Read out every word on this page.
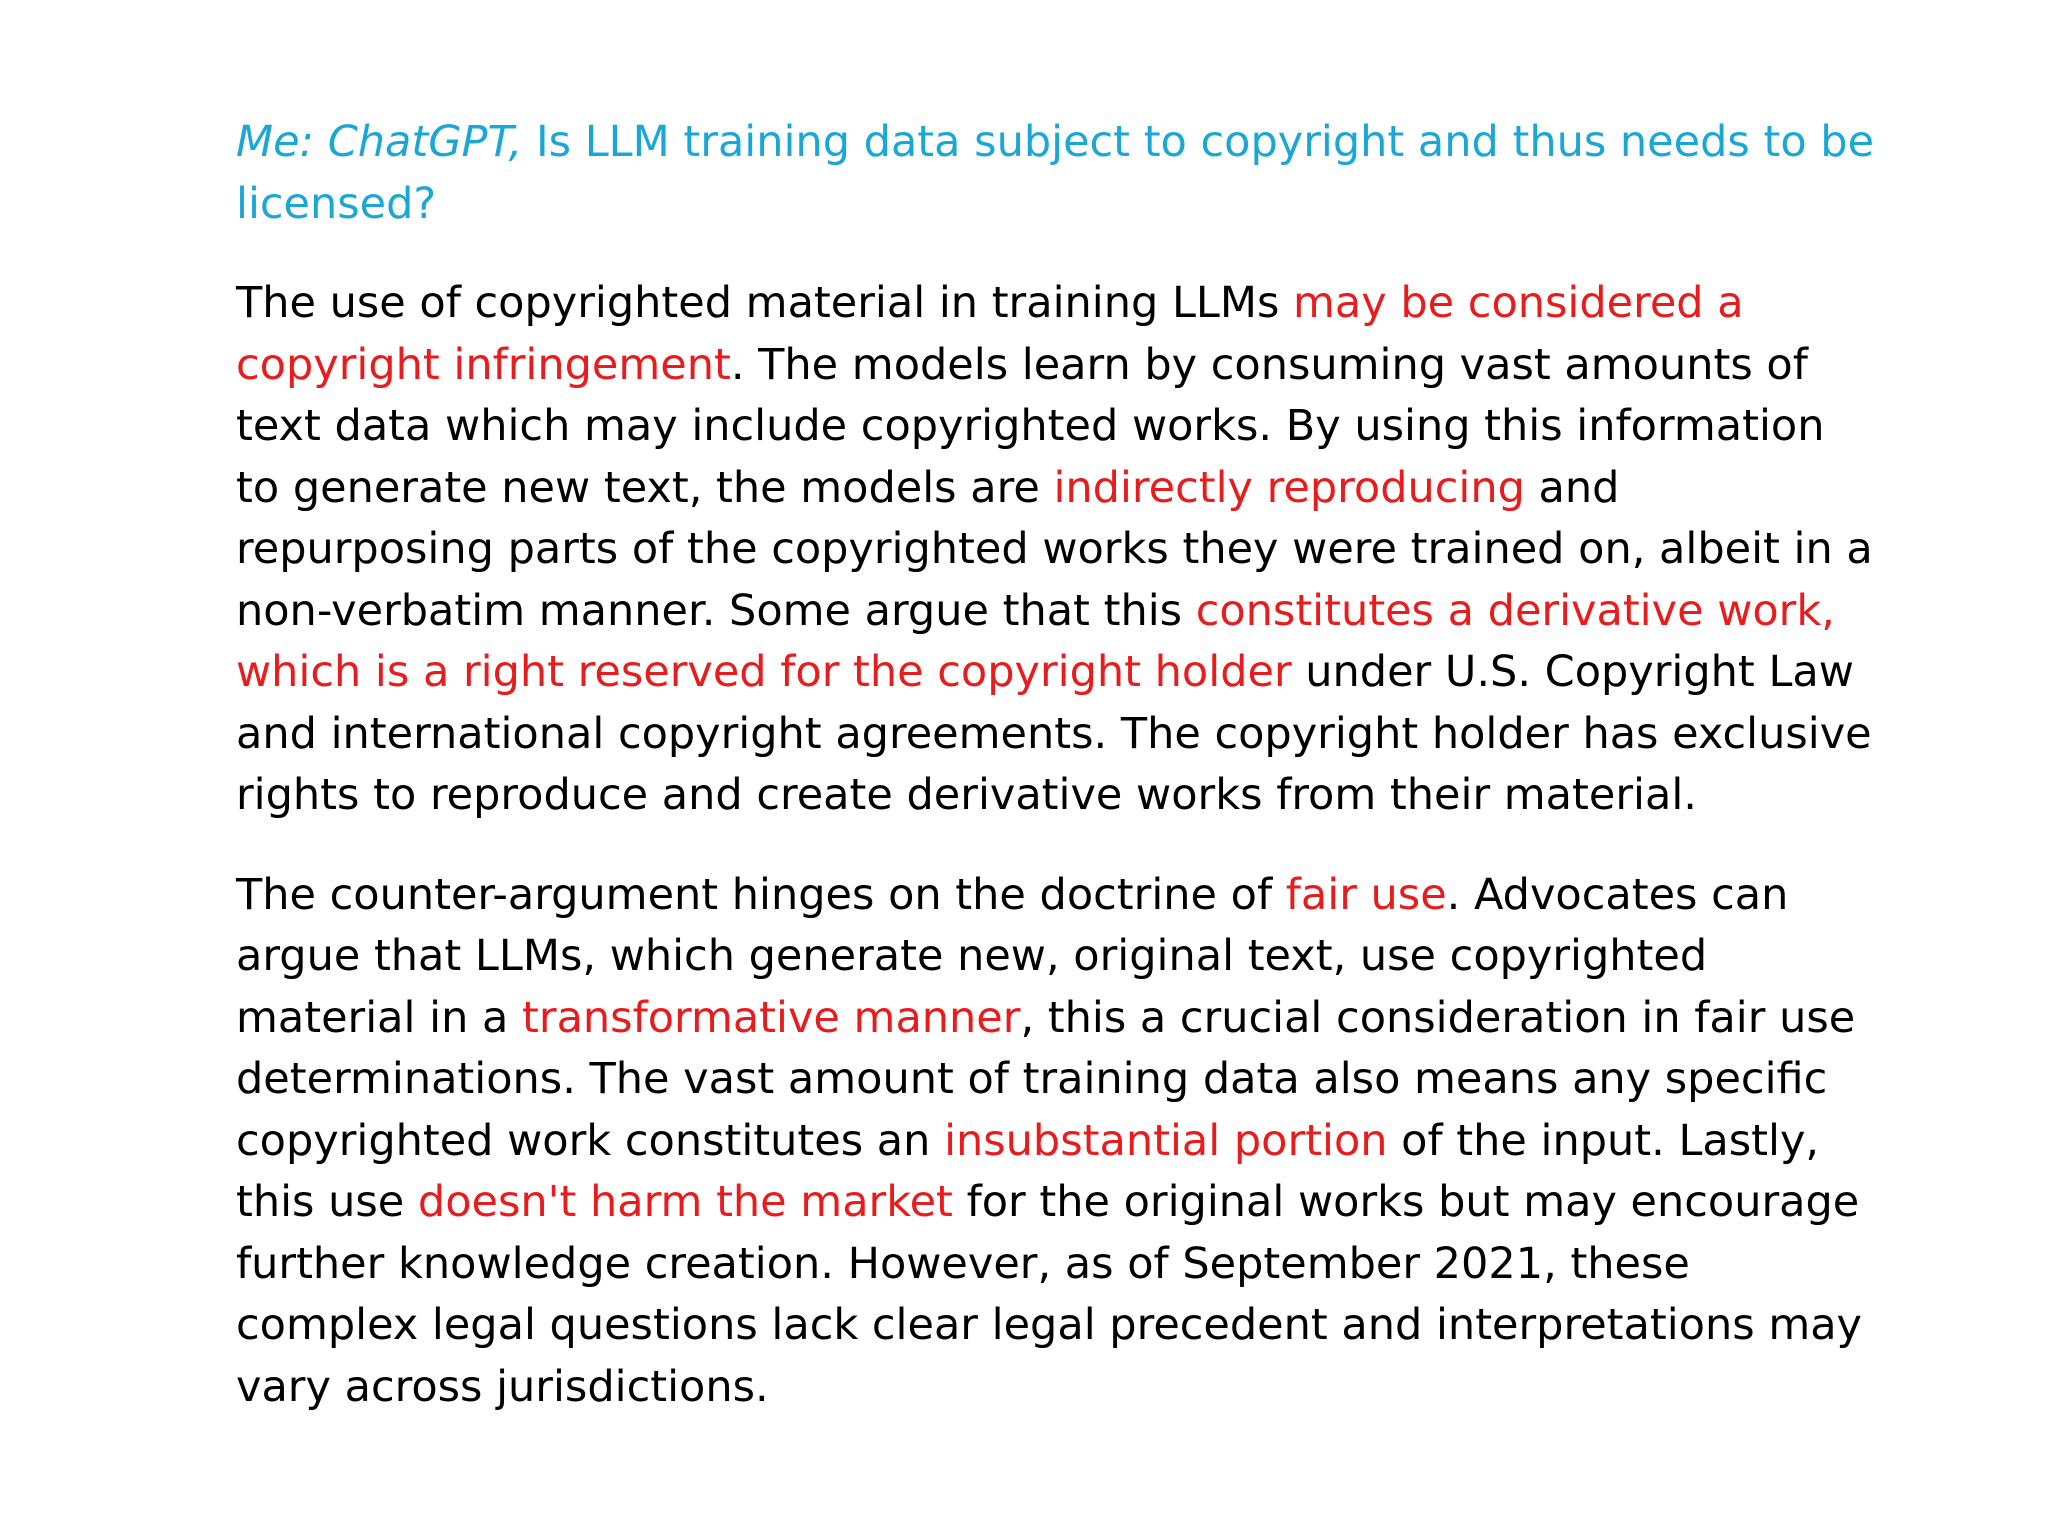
Me: ChatGPT, Is LLM training data subject to copyright and thus needs to be licensed?

The use of copyrighted material in training LLMs may be considered a copyright infringement. The models learn by consuming vast amounts of text data which may include copyrighted works. By using this information to generate new text, the models are indirectly reproducing and repurposing parts of the copyrighted works they were trained on, albeit in a non-verbatim manner. Some argue that this constitutes a derivative work, which is a right reserved for the copyright holder under U.S. Copyright Law and international copyright agreements. The copyright holder has exclusive rights to reproduce and create derivative works from their material.

The counter-argument hinges on the doctrine of fair use. Advocates can argue that LLMs, which generate new, original text, use copyrighted material in a transformative manner, this a crucial consideration in fair use determinations. The vast amount of training data also means any specific copyrighted work constitutes an insubstantial portion of the input. Lastly, this use doesn't harm the market for the original works but may encourage further knowledge creation. However, as of September 2021, these complex legal questions lack clear legal precedent and interpretations may vary across jurisdictions.
